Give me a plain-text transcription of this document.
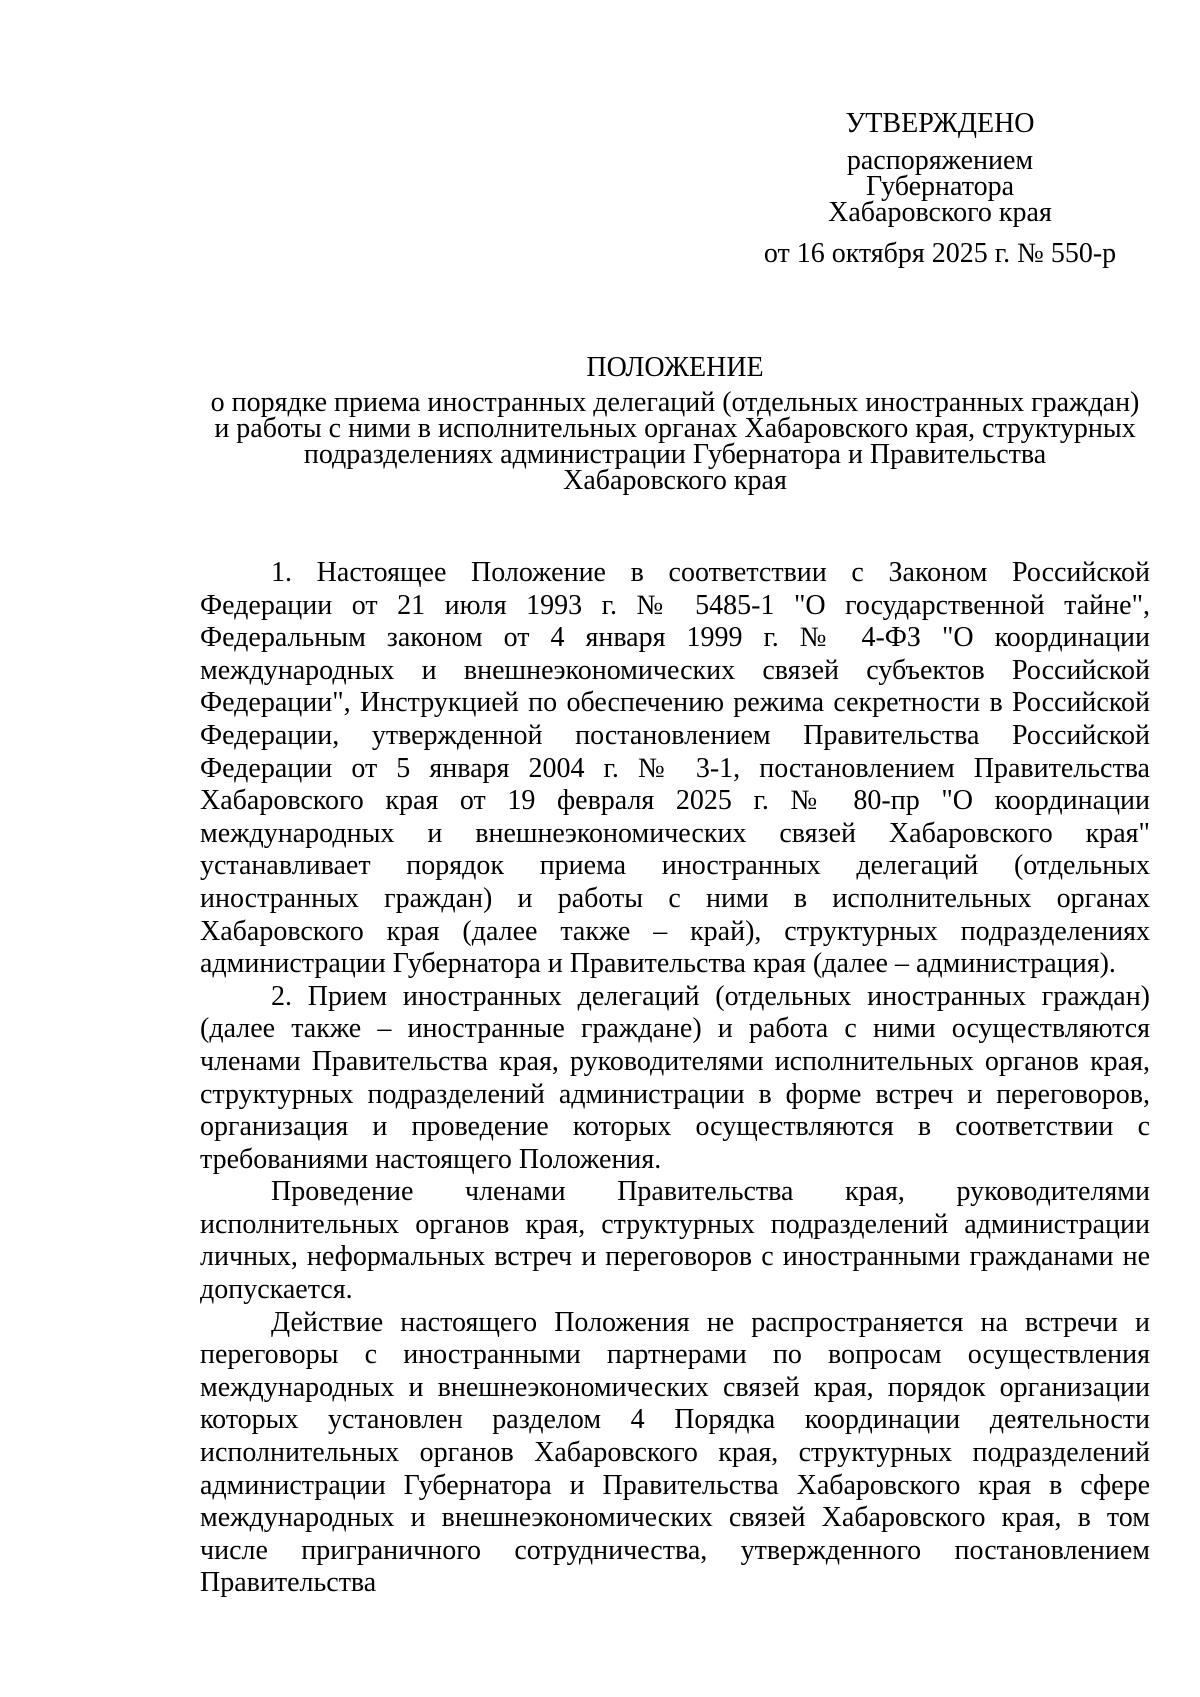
УТВЕРЖДЕНО
распоряжением
Губернатора
Хабаровского края
от 16 октября 2025 г. № 550-р
ПОЛОЖЕНИЕ
о порядке приема иностранных делегаций (отдельных иностранных граждан)
и работы с ними в исполнительных органах Хабаровского края, структурных
подразделениях администрации Губернатора и Правительства
Хабаровского края

1. Настоящее Положение в соответствии с Законом Российской Федерации от 21 июля 1993 г. № 5485-1 "О государственной тайне", Федеральным законом от 4 января 1999 г. № 4-ФЗ "О координации международных и внешнеэкономических связей субъектов Российской Федерации", Инструкцией по обеспечению режима секретности в Российской Федерации, утвержденной постановлением Правительства Российской Федерации от 5 января 2004 г. № 3-1, постановлением Правительства Хабаровского края от 19 февраля 2025 г. № 80-пр "О координации международных и внешнеэкономических связей Хабаровского края" устанавливает порядок приема иностранных делегаций (отдельных иностранных граждан) и работы с ними в исполнительных органах Хабаровского края (далее также – край), структурных подразделениях администрации Губернатора и Правительства края (далее – администрация).

2. Прием иностранных делегаций (отдельных иностранных граждан) (далее также – иностранные граждане) и работа с ними осуществляются членами Правительства края, руководителями исполнительных органов края, структурных подразделений администрации в форме встреч и переговоров, организация и проведение которых осуществляются в соответствии с требованиями настоящего Положения.

Проведение членами Правительства края, руководителями исполнительных органов края, структурных подразделений администрации личных, неформальных встреч и переговоров с иностранными гражданами не допускается.

Действие настоящего Положения не распространяется на встречи и переговоры с иностранными партнерами по вопросам осуществления международных и внешнеэкономических связей края, порядок организации которых установлен разделом 4 Порядка координации деятельности исполнительных органов Хабаровского края, структурных подразделений администрации Губернатора и Правительства Хабаровского края в сфере международных и внешнеэкономических связей Хабаровского края, в том числе приграничного сотрудничества, утвержденного постановлением Правительства
